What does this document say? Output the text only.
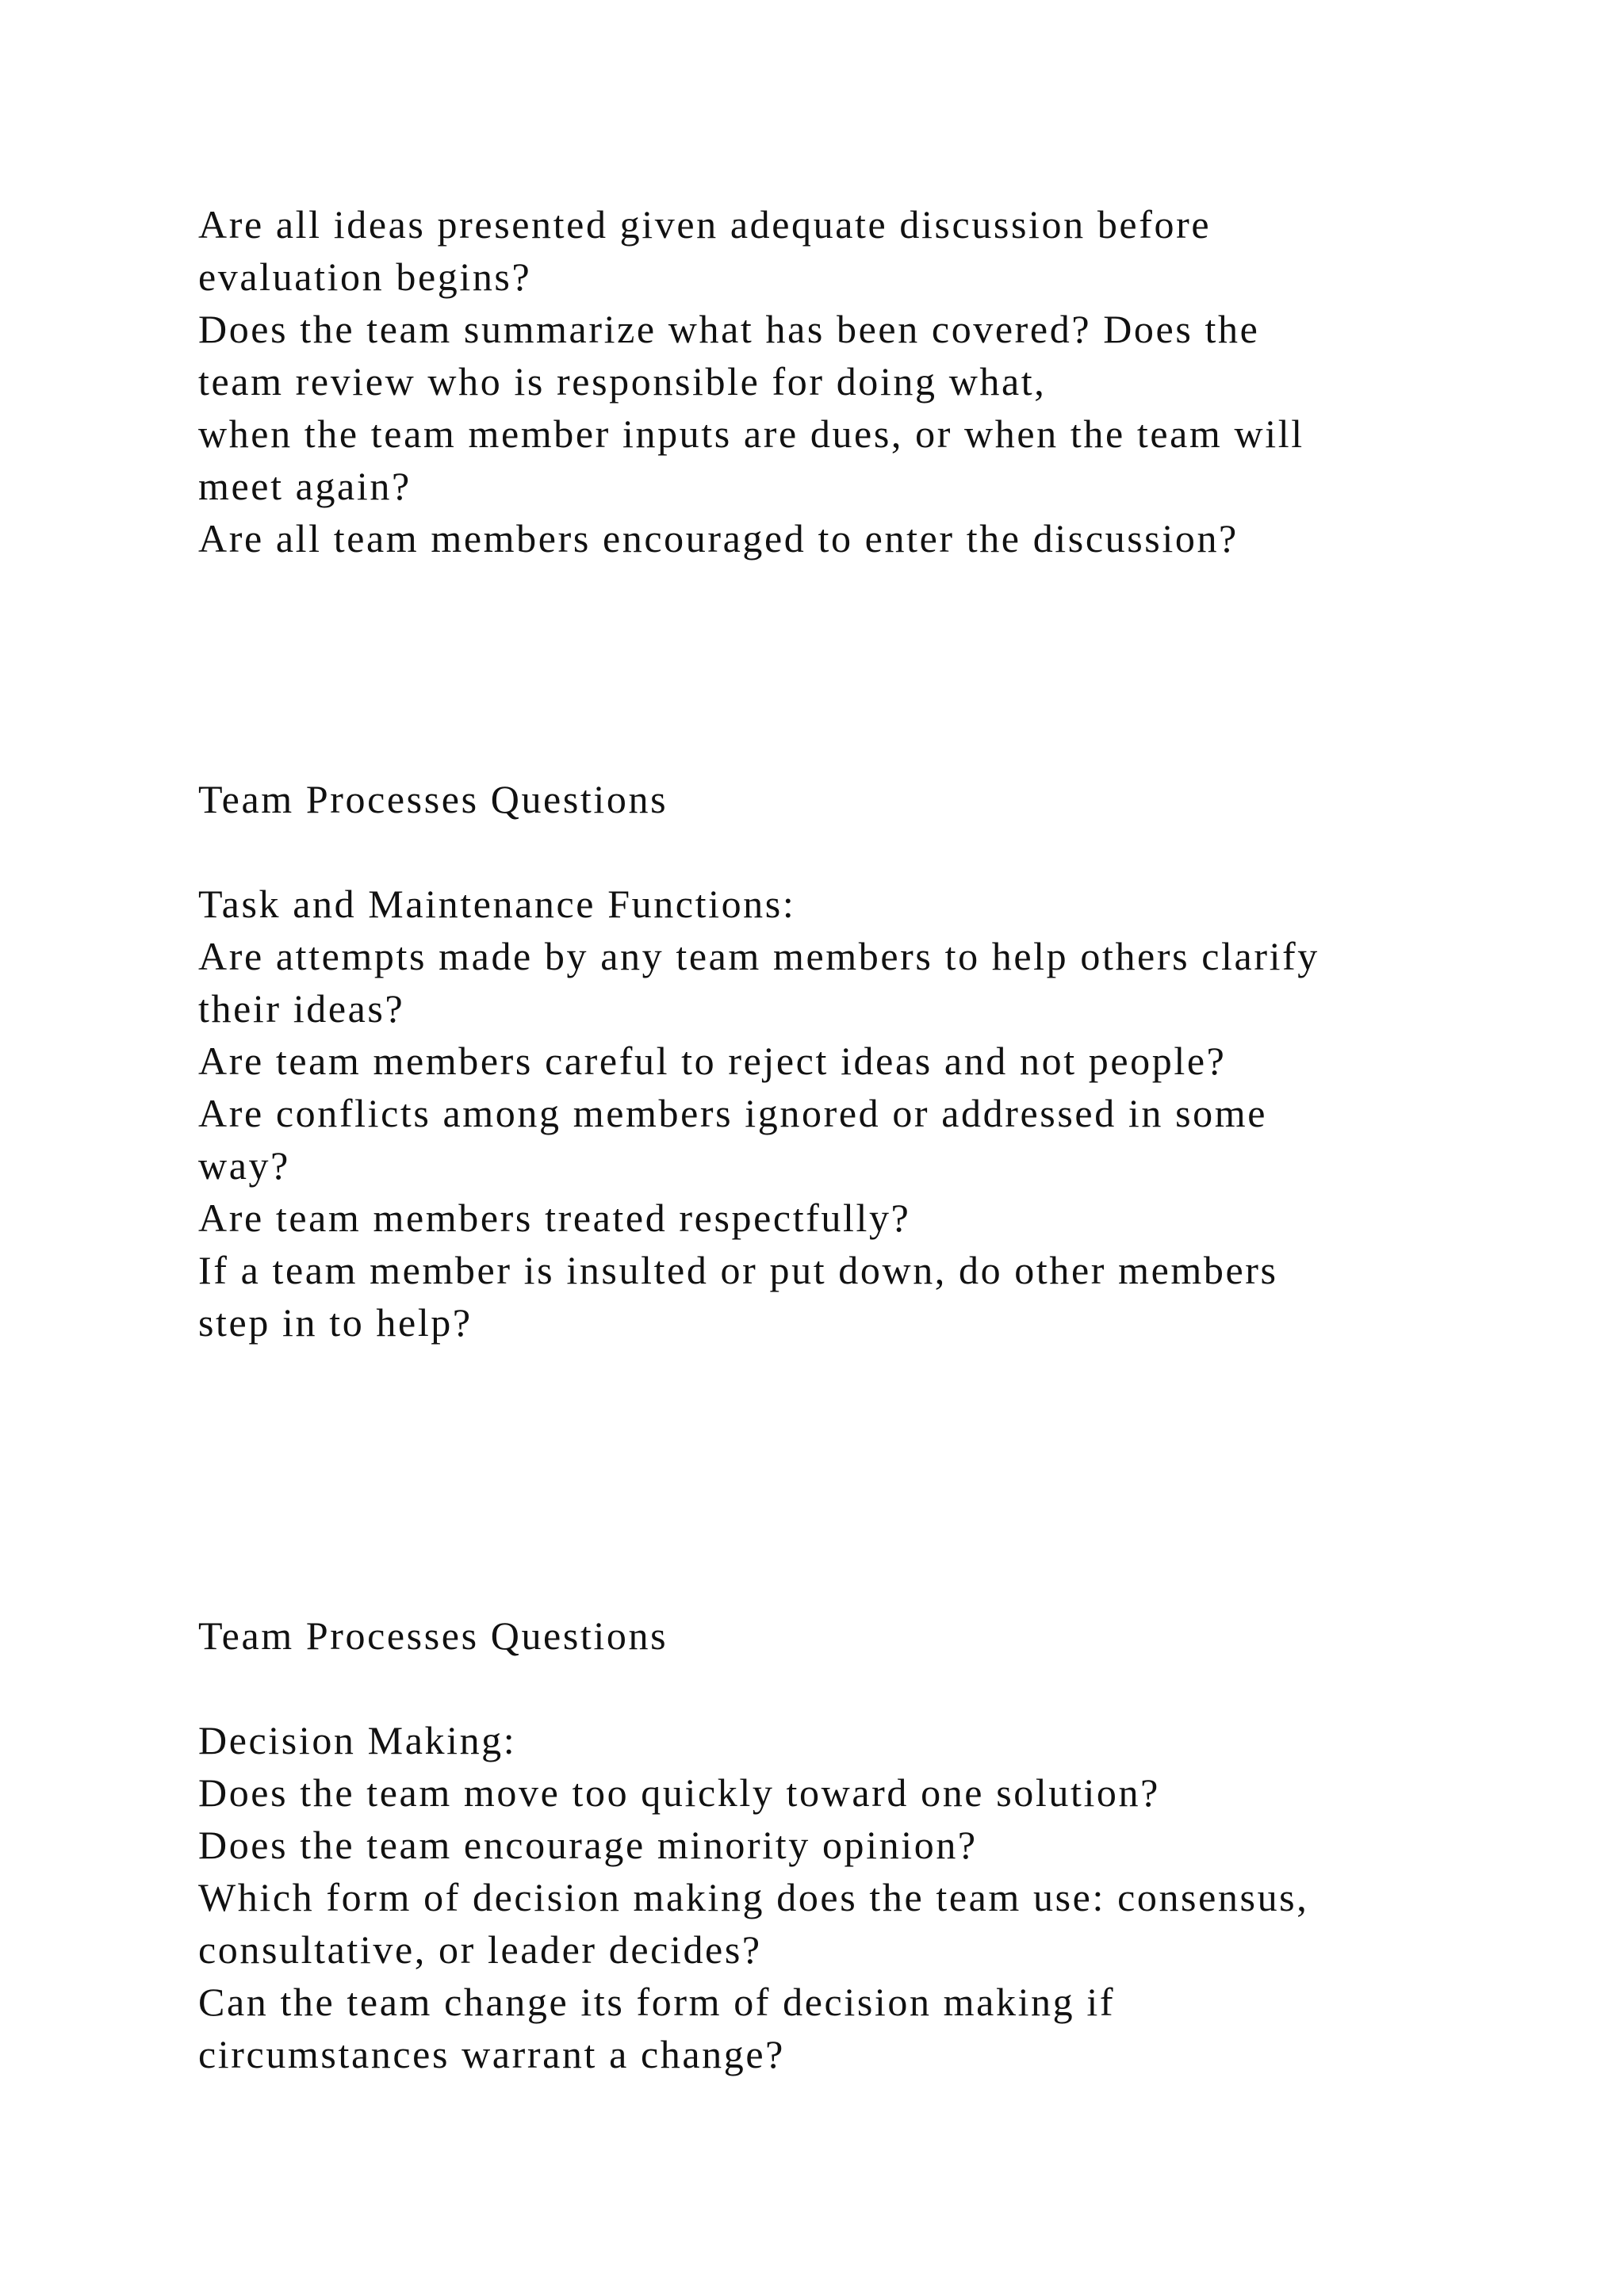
Are all ideas presented given adequate discussion before

evaluation begins?

Does the team summarize what has been covered? Does the

team review who is responsible for doing what,

when the team member inputs are dues, or when the team will

meet again?

Are all team members encouraged to enter the discussion?

Team Processes Questions

Task and Maintenance Functions:

Are attempts made by any team members to help others clarify

their ideas?

Are team members careful to reject ideas and not people?

Are conflicts among members ignored or addressed in some

way?

Are team members treated respectfully?

If a team member is insulted or put down, do other members

step in to help?

Team Processes Questions

Decision Making:

Does the team move too quickly toward one solution?

Does the team encourage minority opinion?

Which form of decision making does the team use: consensus,

consultative, or leader decides?

Can the team change its form of decision making if

circumstances warrant a change?
